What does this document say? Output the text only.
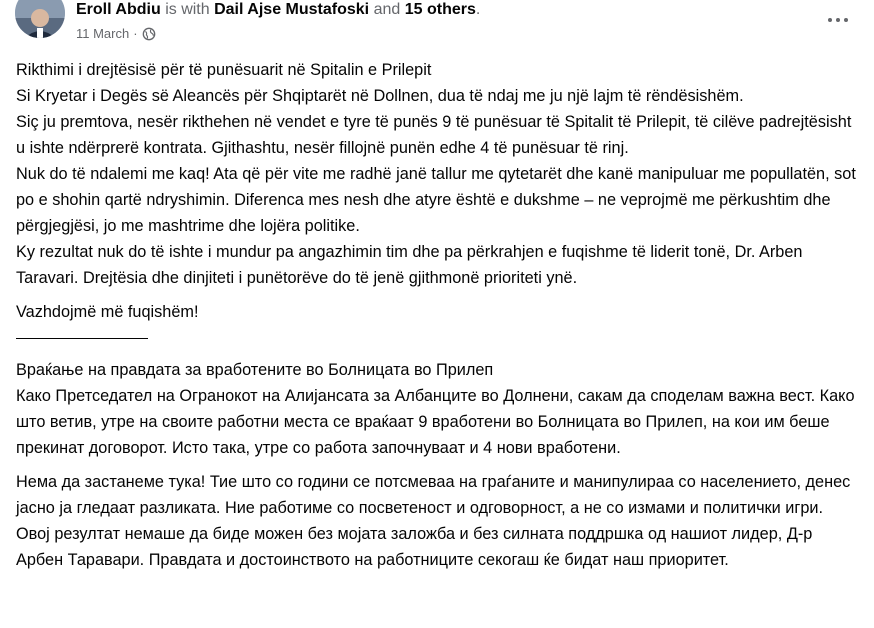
Eroll Abdiu is with Dail Ajse Mustafoski and 15 others.
11 March ·

Rikthimi i drejtësisë për të punësuarit në Spitalin e Prilepit

Si Kryetar i Degës së Aleancës për Shqiptarët në Dollnen, dua të ndaj me ju një lajm të rëndësishëm.

Siç ju premtova, nesër rikthehen në vendet e tyre të punës 9 të punësuar të Spitalit të Prilepit, të cilëve padrejtësisht u ishte ndërprerë kontrata. Gjithashtu, nesër fillojnë punën edhe 4 të punësuar të rinj.

Nuk do të ndalemi me kaq! Ata që për vite me radhë janë tallur me qytetarët dhe kanë manipuluar me popullatën, sot po e shohin qartë ndryshimin. Diferenca mes nesh dhe atyre është e dukshme – ne veprojmë me përkushtim dhe përgjegjësi, jo me mashtrime dhe lojëra politike.

Ky rezultat nuk do të ishte i mundur pa angazhimin tim dhe pa përkrahjen e fuqishme të liderit tonë, Dr. Arben Taravari. Drejtësia dhe dinjiteti i punëtorëve do të jenë gjithmonë prioriteti ynë.

Vazhdojmë më fuqishëm!

Враќање на правдата за вработените во Болницата во Прилеп

Како Претседател на Огранокот на Алијансата за Албанците во Долнени, сакам да споделам важна вест. Како што ветив, утре на своите работни места се враќаат 9 вработени во Болницата во Прилеп, на кои им беше прекинат договорот. Исто така, утре со работа започнуваат и 4 нови вработени.

Нема да застанеме тука! Тие што со години се потсмеваа на граѓаните и манипулираа со населението, денес јасно ја гледаат разликата. Ние работиме со посветеност и одговорност, а не со измами и политички игри.

Овој резултат немаше да биде можен без мојата заложба и без силната поддршка од нашиот лидер, Д-р Арбен Таравари. Правдата и достоинството на работниците секогаш ќе бидат наш приоритет.
